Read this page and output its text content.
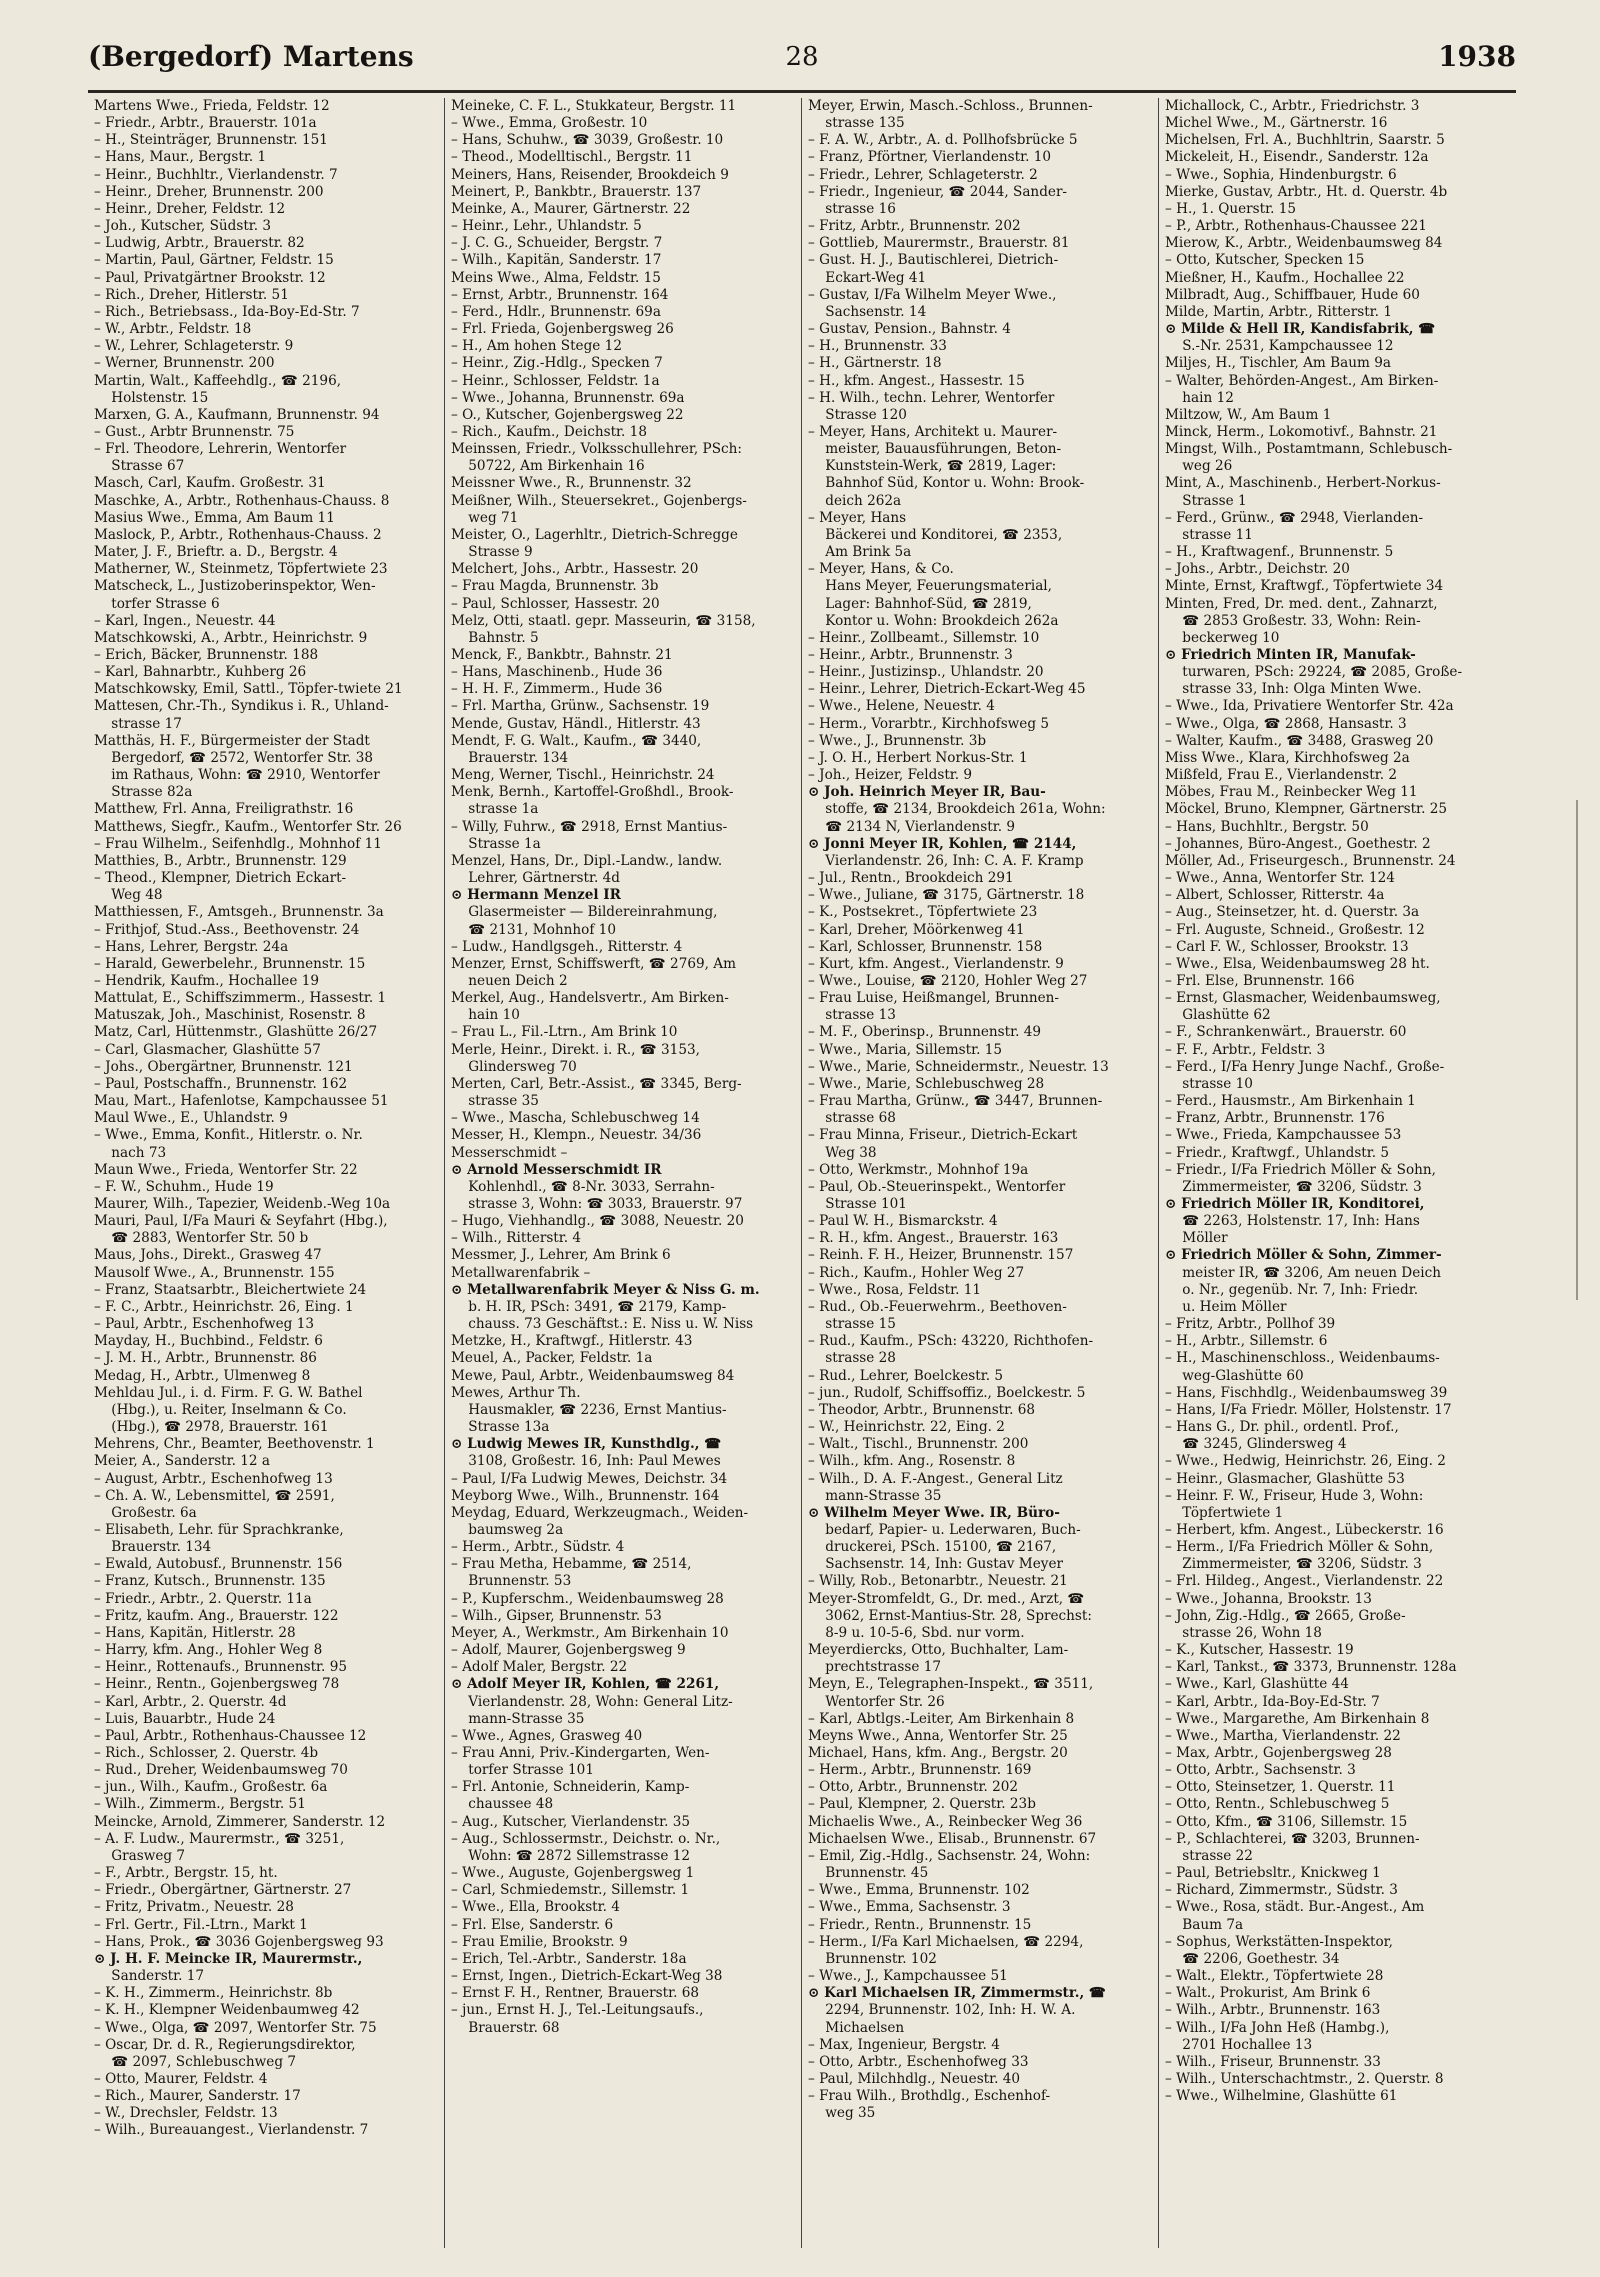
28
(Bergedorf) Martens	1938
Martens Wwe., Frieda, Feldstr. 12
– Friedr., Arbtr., Brauerstr. 101a
– H., Steinträger, Brunnenstr. 151
– Hans, Maur., Bergstr. 1
– Heinr., Buchhltr., Vierlandenstr. 7
– Heinr., Dreher, Brunnenstr. 200
– Heinr., Dreher, Feldstr. 12
– Joh., Kutscher, Südstr. 3
– Ludwig, Arbtr., Brauerstr. 82
– Martin, Paul, Gärtner, Feldstr. 15
– Paul, Privatgärtner Brookstr. 12
– Rich., Dreher, Hitlerstr. 51
– Rich., Betriebsass., Ida-Boy-Ed-Str. 7
– W., Arbtr., Feldstr. 18
– W., Lehrer, Schlageterstr. 9
– Werner, Brunnenstr. 200
Martin, Walt., Kaffeehdlg., ☎ 2196,
Holstenstr. 15
Marxen, G. A., Kaufmann, Brunnenstr. 94
– Gust., Arbtr Brunnenstr. 75
– Frl. Theodore, Lehrerin, Wentorfer
Strasse 67
Masch, Carl, Kaufm. Großestr. 31
Maschke, A., Arbtr., Rothenhaus-Chauss. 8
Masius Wwe., Emma, Am Baum 11
Maslock, P., Arbtr., Rothenhaus-Chauss. 2
Mater, J. F., Brieftr. a. D., Bergstr. 4
Matherner, W., Steinmetz, Töpfertwiete 23
Matscheck, L., Justizoberinspektor, Wen-
torfer Strasse 6
– Karl, Ingen., Neuestr. 44
Matschkowski, A., Arbtr., Heinrichstr. 9
– Erich, Bäcker, Brunnenstr. 188
– Karl, Bahnarbtr., Kuhberg 26
Matschkowsky, Emil, Sattl., Töpfer-twiete 21
Mattesen, Chr.-Th., Syndikus i. R., Uhland-
strasse 17
Matthäs, H. F., Bürgermeister der Stadt
Bergedorf, ☎ 2572, Wentorfer Str. 38
im Rathaus, Wohn: ☎ 2910, Wentorfer
Strasse 82a
Matthew, Frl. Anna, Freiligrathstr. 16
Matthews, Siegfr., Kaufm., Wentorfer Str. 26
– Frau Wilhelm., Seifenhdlg., Mohnhof 11
Matthies, B., Arbtr., Brunnenstr. 129
– Theod., Klempner, Dietrich Eckart-
Weg 48
Matthiessen, F., Amtsgeh., Brunnenstr. 3a
– Frithjof, Stud.-Ass., Beethovenstr. 24
– Hans, Lehrer, Bergstr. 24a
– Harald, Gewerbelehr., Brunnenstr. 15
– Hendrik, Kaufm., Hochallee 19
Mattulat, E., Schiffszimmerm., Hassestr. 1
Matuszak, Joh., Maschinist, Rosenstr. 8
Matz, Carl, Hüttenmstr., Glashütte 26/27
– Carl, Glasmacher, Glashütte 57
– Johs., Obergärtner, Brunnenstr. 121
– Paul, Postschaffn., Brunnenstr. 162
Mau, Mart., Hafenlotse, Kampchaussee 51
Maul Wwe., E., Uhlandstr. 9
– Wwe., Emma, Konfit., Hitlerstr. o. Nr.
nach 73
Maun Wwe., Frieda, Wentorfer Str. 22
– F. W., Schuhm., Hude 19
Maurer, Wilh., Tapezier, Weidenb.-Weg 10a
Mauri, Paul, I/Fa Mauri & Seyfahrt (Hbg.),
☎ 2883, Wentorfer Str. 50 b
Maus, Johs., Direkt., Grasweg 47
Mausolf Wwe., A., Brunnenstr. 155
– Franz, Staatsarbtr., Bleichertwiete 24
– F. C., Arbtr., Heinrichstr. 26, Eing. 1
– Paul, Arbtr., Eschenhofweg 13
Mayday, H., Buchbind., Feldstr. 6
– J. M. H., Arbtr., Brunnenstr. 86
Medag, H., Arbtr., Ulmenweg 8
Mehldau Jul., i. d. Firm. F. G. W. Bathel
(Hbg.), u. Reiter, Inselmann & Co.
(Hbg.), ☎ 2978, Brauerstr. 161
Mehrens, Chr., Beamter, Beethovenstr. 1
Meier, A., Sanderstr. 12 a
– August, Arbtr., Eschenhofweg 13
– Ch. A. W., Lebensmittel, ☎ 2591,
Großestr. 6a
– Elisabeth, Lehr. für Sprachkranke,
Brauerstr. 134
– Ewald, Autobusf., Brunnenstr. 156
– Franz, Kutsch., Brunnenstr. 135
– Friedr., Arbtr., 2. Querstr. 11a
– Fritz, kaufm. Ang., Brauerstr. 122
– Hans, Kapitän, Hitlerstr. 28
– Harry, kfm. Ang., Hohler Weg 8
– Heinr., Rottenaufs., Brunnenstr. 95
– Heinr., Rentn., Gojenbergsweg 78
– Karl, Arbtr., 2. Querstr. 4d
– Luis, Bauarbtr., Hude 24
– Paul, Arbtr., Rothenhaus-Chaussee 12
– Rich., Schlosser, 2. Querstr. 4b
– Rud., Dreher, Weidenbaumsweg 70
– jun., Wilh., Kaufm., Großestr. 6a
– Wilh., Zimmerm., Bergstr. 51
Meincke, Arnold, Zimmerer, Sanderstr. 12
– A. F. Ludw., Maurermstr., ☎ 3251,
Grasweg 7
– F., Arbtr., Bergstr. 15, ht.
– Friedr., Obergärtner, Gärtnerstr. 27
– Fritz, Privatm., Neuestr. 28
– Frl. Gertr., Fil.-Ltrn., Markt 1
– Hans, Prok., ☎ 3036 Gojenbergsweg 93
⊙ J. H. F. Meincke IR, Maurermstr.,
Sanderstr. 17
– K. H., Zimmerm., Heinrichstr. 8b
– K. H., Klempner Weidenbaumweg 42
– Wwe., Olga, ☎ 2097, Wentorfer Str. 75
– Oscar, Dr. d. R., Regierungsdirektor,
☎ 2097, Schlebuschweg 7
– Otto, Maurer, Feldstr. 4
– Rich., Maurer, Sanderstr. 17
– W., Drechsler, Feldstr. 13
– Wilh., Bureauangest., Vierlandenstr. 7
Meineke, C. F. L., Stukkateur, Bergstr. 11
– Wwe., Emma, Großestr. 10
– Hans, Schuhw., ☎ 3039, Großestr. 10
– Theod., Modelltischl., Bergstr. 11
Meiners, Hans, Reisender, Brookdeich 9
Meinert, P., Bankbtr., Brauerstr. 137
Meinke, A., Maurer, Gärtnerstr. 22
– Heinr., Lehr., Uhlandstr. 5
– J. C. G., Schueider, Bergstr. 7
– Wilh., Kapitän, Sanderstr. 17
Meins Wwe., Alma, Feldstr. 15
– Ernst, Arbtr., Brunnenstr. 164
– Ferd., Hdlr., Brunnenstr. 69a
– Frl. Frieda, Gojenbergsweg 26
– H., Am hohen Stege 12
– Heinr., Zig.-Hdlg., Specken 7
– Heinr., Schlosser, Feldstr. 1a
– Wwe., Johanna, Brunnenstr. 69a
– O., Kutscher, Gojenbergsweg 22
– Rich., Kaufm., Deichstr. 18
Meinssen, Friedr., Volksschullehrer, PSch:
50722, Am Birkenhain 16
Meissner Wwe., R., Brunnenstr. 32
Meißner, Wilh., Steuersekret., Gojenbergs-
weg 71
Meister, O., Lagerhltr., Dietrich-Schregge
Strasse 9
Melchert, Johs., Arbtr., Hassestr. 20
– Frau Magda, Brunnenstr. 3b
– Paul, Schlosser, Hassestr. 20
Melz, Otti, staatl. gepr. Masseurin, ☎ 3158,
Bahnstr. 5
Menck, F., Bankbtr., Bahnstr. 21
– Hans, Maschinenb., Hude 36
– H. H. F., Zimmerm., Hude 36
– Frl. Martha, Grünw., Sachsenstr. 19
Mende, Gustav, Händl., Hitlerstr. 43
Mendt, F. G. Walt., Kaufm., ☎ 3440,
Brauerstr. 134
Meng, Werner, Tischl., Heinrichstr. 24
Menk, Bernh., Kartoffel-Großhdl., Brook-
strasse 1a
– Willy, Fuhrw., ☎ 2918, Ernst Mantius-
Strasse 1a
Menzel, Hans, Dr., Dipl.-Landw., landw.
Lehrer, Gärtnerstr. 4d
⊙ Hermann Menzel IR
Glasermeister — Bildereinrahmung,
☎ 2131, Mohnhof 10
– Ludw., Handlgsgeh., Ritterstr. 4
Menzer, Ernst, Schiffswerft, ☎ 2769, Am
neuen Deich 2
Merkel, Aug., Handelsvertr., Am Birken-
hain 10
– Frau L., Fil.-Ltrn., Am Brink 10
Merle, Heinr., Direkt. i. R., ☎ 3153,
Glindersweg 70
Merten, Carl, Betr.-Assist., ☎ 3345, Berg-
strasse 35
– Wwe., Mascha, Schlebuschweg 14
Messer, H., Klempn., Neuestr. 34/36
Messerschmidt –
⊙ Arnold Messerschmidt IR
Kohlenhdl., ☎ 8-Nr. 3033, Serrahn-
strasse 3, Wohn: ☎ 3033, Brauerstr. 97
– Hugo, Viehhandlg., ☎ 3088, Neuestr. 20
– Wilh., Ritterstr. 4
Messmer, J., Lehrer, Am Brink 6
Metallwarenfabrik –
⊙ Metallwarenfabrik Meyer & Niss G. m.
b. H. IR, PSch: 3491, ☎ 2179, Kamp-
chauss. 73 Geschäftst.: E. Niss u. W. Niss
Metzke, H., Kraftwgf., Hitlerstr. 43
Meuel, A., Packer, Feldstr. 1a
Mewe, Paul, Arbtr., Weidenbaumsweg 84
Mewes, Arthur Th.
Hausmakler, ☎ 2236, Ernst Mantius-
Strasse 13a
⊙ Ludwig Mewes IR, Kunsthdlg., ☎
3108, Großestr. 16, Inh: Paul Mewes
– Paul, I/Fa Ludwig Mewes, Deichstr. 34
Meyborg Wwe., Wilh., Brunnenstr. 164
Meydag, Eduard, Werkzeugmach., Weiden-
baumsweg 2a
– Herm., Arbtr., Südstr. 4
– Frau Metha, Hebamme, ☎ 2514,
Brunnenstr. 53
– P., Kupferschm., Weidenbaumsweg 28
– Wilh., Gipser, Brunnenstr. 53
Meyer, A., Werkmstr., Am Birkenhain 10
– Adolf, Maurer, Gojenbergsweg 9
– Adolf Maler, Bergstr. 22
⊙ Adolf Meyer IR, Kohlen, ☎ 2261,
Vierlandenstr. 28, Wohn: General Litz-
mann-Strasse 35
– Wwe., Agnes, Grasweg 40
– Frau Anni, Priv.-Kindergarten, Wen-
torfer Strasse 101
– Frl. Antonie, Schneiderin, Kamp-
chaussee 48
– Aug., Kutscher, Vierlandenstr. 35
– Aug., Schlossermstr., Deichstr. o. Nr.,
Wohn: ☎ 2872 Sillemstrasse 12
– Wwe., Auguste, Gojenbergsweg 1
– Carl, Schmiedemstr., Sillemstr. 1
– Wwe., Ella, Brookstr. 4
– Frl. Else, Sanderstr. 6
– Frau Emilie, Brookstr. 9
– Erich, Tel.-Arbtr., Sanderstr. 18a
– Ernst, Ingen., Dietrich-Eckart-Weg 38
– Ernst F. H., Rentner, Brauerstr. 68
– jun., Ernst H. J., Tel.-Leitungsaufs.,
Brauerstr. 68
Meyer, Erwin, Masch.-Schloss., Brunnen-
strasse 135
– F. A. W., Arbtr., A. d. Pollhofsbrücke 5
– Franz, Pförtner, Vierlandenstr. 10
– Friedr., Lehrer, Schlageterstr. 2
– Friedr., Ingenieur, ☎ 2044, Sander-
strasse 16
– Fritz, Arbtr., Brunnenstr. 202
– Gottlieb, Maurermstr., Brauerstr. 81
– Gust. H. J., Bautischlerei, Dietrich-
Eckart-Weg 41
– Gustav, I/Fa Wilhelm Meyer Wwe.,
Sachsenstr. 14
– Gustav, Pension., Bahnstr. 4
– H., Brunnenstr. 33
– H., Gärtnerstr. 18
– H., kfm. Angest., Hassestr. 15
– H. Wilh., techn. Lehrer, Wentorfer
Strasse 120
– Meyer, Hans, Architekt u. Maurer-
meister, Bauausführungen, Beton-
Kunststein-Werk, ☎ 2819, Lager:
Bahnhof Süd, Kontor u. Wohn: Brook-
deich 262a
– Meyer, Hans
Bäckerei und Konditorei, ☎ 2353,
Am Brink 5a
– Meyer, Hans, & Co.
Hans Meyer, Feuerungsmaterial,
Lager: Bahnhof-Süd, ☎ 2819,
Kontor u. Wohn: Brookdeich 262a
– Heinr., Zollbeamt., Sillemstr. 10
– Heinr., Arbtr., Brunnenstr. 3
– Heinr., Justizinsp., Uhlandstr. 20
– Heinr., Lehrer, Dietrich-Eckart-Weg 45
– Wwe., Helene, Neuestr. 4
– Herm., Vorarbtr., Kirchhofsweg 5
– Wwe., J., Brunnenstr. 3b
– J. O. H., Herbert Norkus-Str. 1
– Joh., Heizer, Feldstr. 9
⊙ Joh. Heinrich Meyer IR, Bau-
stoffe, ☎ 2134, Brookdeich 261a, Wohn:
☎ 2134 N, Vierlandenstr. 9
⊙ Jonni Meyer IR, Kohlen, ☎ 2144,
Vierlandenstr. 26, Inh: C. A. F. Kramp
– Jul., Rentn., Brookdeich 291
– Wwe., Juliane, ☎ 3175, Gärtnerstr. 18
– K., Postsekret., Töpfertwiete 23
– Karl, Dreher, Möörkenweg 41
– Karl, Schlosser, Brunnenstr. 158
– Kurt, kfm. Angest., Vierlandenstr. 9
– Wwe., Louise, ☎ 2120, Hohler Weg 27
– Frau Luise, Heißmangel, Brunnen-
strasse 13
– M. F., Oberinsp., Brunnenstr. 49
– Wwe., Maria, Sillemstr. 15
– Wwe., Marie, Schneidermstr., Neuestr. 13
– Wwe., Marie, Schlebuschweg 28
– Frau Martha, Grünw., ☎ 3447, Brunnen-
strasse 68
– Frau Minna, Friseur., Dietrich-Eckart
Weg 38
– Otto, Werkmstr., Mohnhof 19a
– Paul, Ob.-Steuerinspekt., Wentorfer
Strasse 101
– Paul W. H., Bismarckstr. 4
– R. H., kfm. Angest., Brauerstr. 163
– Reinh. F. H., Heizer, Brunnenstr. 157
– Rich., Kaufm., Hohler Weg 27
– Wwe., Rosa, Feldstr. 11
– Rud., Ob.-Feuerwehrm., Beethoven-
strasse 15
– Rud., Kaufm., PSch: 43220, Richthofen-
strasse 28
– Rud., Lehrer, Boelckestr. 5
– jun., Rudolf, Schiffsoffiz., Boelckestr. 5
– Theodor, Arbtr., Brunnenstr. 68
– W., Heinrichstr. 22, Eing. 2
– Walt., Tischl., Brunnenstr. 200
– Wilh., kfm. Ang., Rosenstr. 8
– Wilh., D. A. F.-Angest., General Litz
mann-Strasse 35
⊙ Wilhelm Meyer Wwe. IR, Büro-
bedarf, Papier- u. Lederwaren, Buch-
druckerei, PSch. 15100, ☎ 2167,
Sachsenstr. 14, Inh: Gustav Meyer
– Willy, Rob., Betonarbtr., Neuestr. 21
Meyer-Stromfeldt, G., Dr. med., Arzt, ☎
3062, Ernst-Mantius-Str. 28, Sprechst:
8-9 u. 10-5-6, Sbd. nur vorm.
Meyerdiercks, Otto, Buchhalter, Lam-
prechtstrasse 17
Meyn, E., Telegraphen-Inspekt., ☎ 3511,
Wentorfer Str. 26
– Karl, Abtlgs.-Leiter, Am Birkenhain 8
Meyns Wwe., Anna, Wentorfer Str. 25
Michael, Hans, kfm. Ang., Bergstr. 20
– Herm., Arbtr., Brunnenstr. 169
– Otto, Arbtr., Brunnenstr. 202
– Paul, Klempner, 2. Querstr. 23b
Michaelis Wwe., A., Reinbecker Weg 36
Michaelsen Wwe., Elisab., Brunnenstr. 67
– Emil, Zig.-Hdlg., Sachsenstr. 24, Wohn:
Brunnenstr. 45
– Wwe., Emma, Brunnenstr. 102
– Wwe., Emma, Sachsenstr. 3
– Friedr., Rentn., Brunnenstr. 15
– Herm., I/Fa Karl Michaelsen, ☎ 2294,
Brunnenstr. 102
– Wwe., J., Kampchaussee 51
⊙ Karl Michaelsen IR, Zimmermstr., ☎
2294, Brunnenstr. 102, Inh: H. W. A.
Michaelsen
– Max, Ingenieur, Bergstr. 4
– Otto, Arbtr., Eschenhofweg 33
– Paul, Milchhdlg., Neuestr. 40
– Frau Wilh., Brothdlg., Eschenhof-
weg 35
Michallock, C., Arbtr., Friedrichstr. 3
Michel Wwe., M., Gärtnerstr. 16
Michelsen, Frl. A., Buchhltrin, Saarstr. 5
Mickeleit, H., Eisendr., Sanderstr. 12a
– Wwe., Sophia, Hindenburgstr. 6
Mierke, Gustav, Arbtr., Ht. d. Querstr. 4b
– H., 1. Querstr. 15
– P., Arbtr., Rothenhaus-Chaussee 221
Mierow, K., Arbtr., Weidenbaumsweg 84
– Otto, Kutscher, Specken 15
Mießner, H., Kaufm., Hochallee 22
Milbradt, Aug., Schiffbauer, Hude 60
Milde, Martin, Arbtr., Ritterstr. 1
⊙ Milde & Hell IR, Kandisfabrik, ☎
S.-Nr. 2531, Kampchaussee 12
Miljes, H., Tischler, Am Baum 9a
– Walter, Behörden-Angest., Am Birken-
hain 12
Miltzow, W., Am Baum 1
Minck, Herm., Lokomotivf., Bahnstr. 21
Mingst, Wilh., Postamtmann, Schlebusch-
weg 26
Mint, A., Maschinenb., Herbert-Norkus-
Strasse 1
– Ferd., Grünw., ☎ 2948, Vierlanden-
strasse 11
– H., Kraftwagenf., Brunnenstr. 5
– Johs., Arbtr., Deichstr. 20
Minte, Ernst, Kraftwgf., Töpfertwiete 34
Minten, Fred, Dr. med. dent., Zahnarzt,
☎ 2853 Großestr. 33, Wohn: Rein-
beckerweg 10
⊙ Friedrich Minten IR, Manufak-
turwaren, PSch: 29224, ☎ 2085, Große-
strasse 33, Inh: Olga Minten Wwe.
– Wwe., Ida, Privatiere Wentorfer Str. 42a
– Wwe., Olga, ☎ 2868, Hansastr. 3
– Walter, Kaufm., ☎ 3488, Grasweg 20
Miss Wwe., Klara, Kirchhofsweg 2a
Mißfeld, Frau E., Vierlandenstr. 2
Möbes, Frau M., Reinbecker Weg 11
Möckel, Bruno, Klempner, Gärtnerstr. 25
– Hans, Buchhltr., Bergstr. 50
– Johannes, Büro-Angest., Goethestr. 2
Möller, Ad., Friseurgesch., Brunnenstr. 24
– Wwe., Anna, Wentorfer Str. 124
– Albert, Schlosser, Ritterstr. 4a
– Aug., Steinsetzer, ht. d. Querstr. 3a
– Frl. Auguste, Schneid., Großestr. 12
– Carl F. W., Schlosser, Brookstr. 13
– Wwe., Elsa, Weidenbaumsweg 28 ht.
– Frl. Else, Brunnenstr. 166
– Ernst, Glasmacher, Weidenbaumsweg,
Glashütte 62
– F., Schrankenwärt., Brauerstr. 60
– F. F., Arbtr., Feldstr. 3
– Ferd., I/Fa Henry Junge Nachf., Große-
strasse 10
– Ferd., Hausmstr., Am Birkenhain 1
– Franz, Arbtr., Brunnenstr. 176
– Wwe., Frieda, Kampchaussee 53
– Friedr., Kraftwgf., Uhlandstr. 5
– Friedr., I/Fa Friedrich Möller & Sohn,
Zimmermeister, ☎ 3206, Südstr. 3
⊙ Friedrich Möller IR, Konditorei,
☎ 2263, Holstenstr. 17, Inh: Hans
Möller
⊙ Friedrich Möller & Sohn, Zimmer-
meister IR, ☎ 3206, Am neuen Deich
o. Nr., gegenüb. Nr. 7, Inh: Friedr.
u. Heim Möller
– Fritz, Arbtr., Pollhof 39
– H., Arbtr., Sillemstr. 6
– H., Maschinenschloss., Weidenbaums-
weg-Glashütte 60
– Hans, Fischhdlg., Weidenbaumsweg 39
– Hans, I/Fa Friedr. Möller, Holstenstr. 17
– Hans G., Dr. phil., ordentl. Prof.,
☎ 3245, Glindersweg 4
– Wwe., Hedwig, Heinrichstr. 26, Eing. 2
– Heinr., Glasmacher, Glashütte 53
– Heinr. F. W., Friseur, Hude 3, Wohn:
Töpfertwiete 1
– Herbert, kfm. Angest., Lübeckerstr. 16
– Herm., I/Fa Friedrich Möller & Sohn,
Zimmermeister, ☎ 3206, Südstr. 3
– Frl. Hildeg., Angest., Vierlandenstr. 22
– Wwe., Johanna, Brookstr. 13
– John, Zig.-Hdlg., ☎ 2665, Große-
strasse 26, Wohn 18
– K., Kutscher, Hassestr. 19
– Karl, Tankst., ☎ 3373, Brunnenstr. 128a
– Wwe., Karl, Glashütte 44
– Karl, Arbtr., Ida-Boy-Ed-Str. 7
– Wwe., Margarethe, Am Birkenhain 8
– Wwe., Martha, Vierlandenstr. 22
– Max, Arbtr., Gojenbergsweg 28
– Otto, Arbtr., Sachsenstr. 3
– Otto, Steinsetzer, 1. Querstr. 11
– Otto, Rentn., Schlebuschweg 5
– Otto, Kfm., ☎ 3106, Sillemstr. 15
– P., Schlachterei, ☎ 3203, Brunnen-
strasse 22
– Paul, Betriebsltr., Knickweg 1
– Richard, Zimmermstr., Südstr. 3
– Wwe., Rosa, städt. Bur.-Angest., Am
Baum 7a
– Sophus, Werkstätten-Inspektor,
☎ 2206, Goethestr. 34
– Walt., Elektr., Töpfertwiete 28
– Walt., Prokurist, Am Brink 6
– Wilh., Arbtr., Brunnenstr. 163
– Wilh., I/Fa John Heß (Hambg.),
2701 Hochallee 13
– Wilh., Friseur, Brunnenstr. 33
– Wilh., Unterschachtmstr., 2. Querstr. 8
– Wwe., Wilhelmine, Glashütte 61
